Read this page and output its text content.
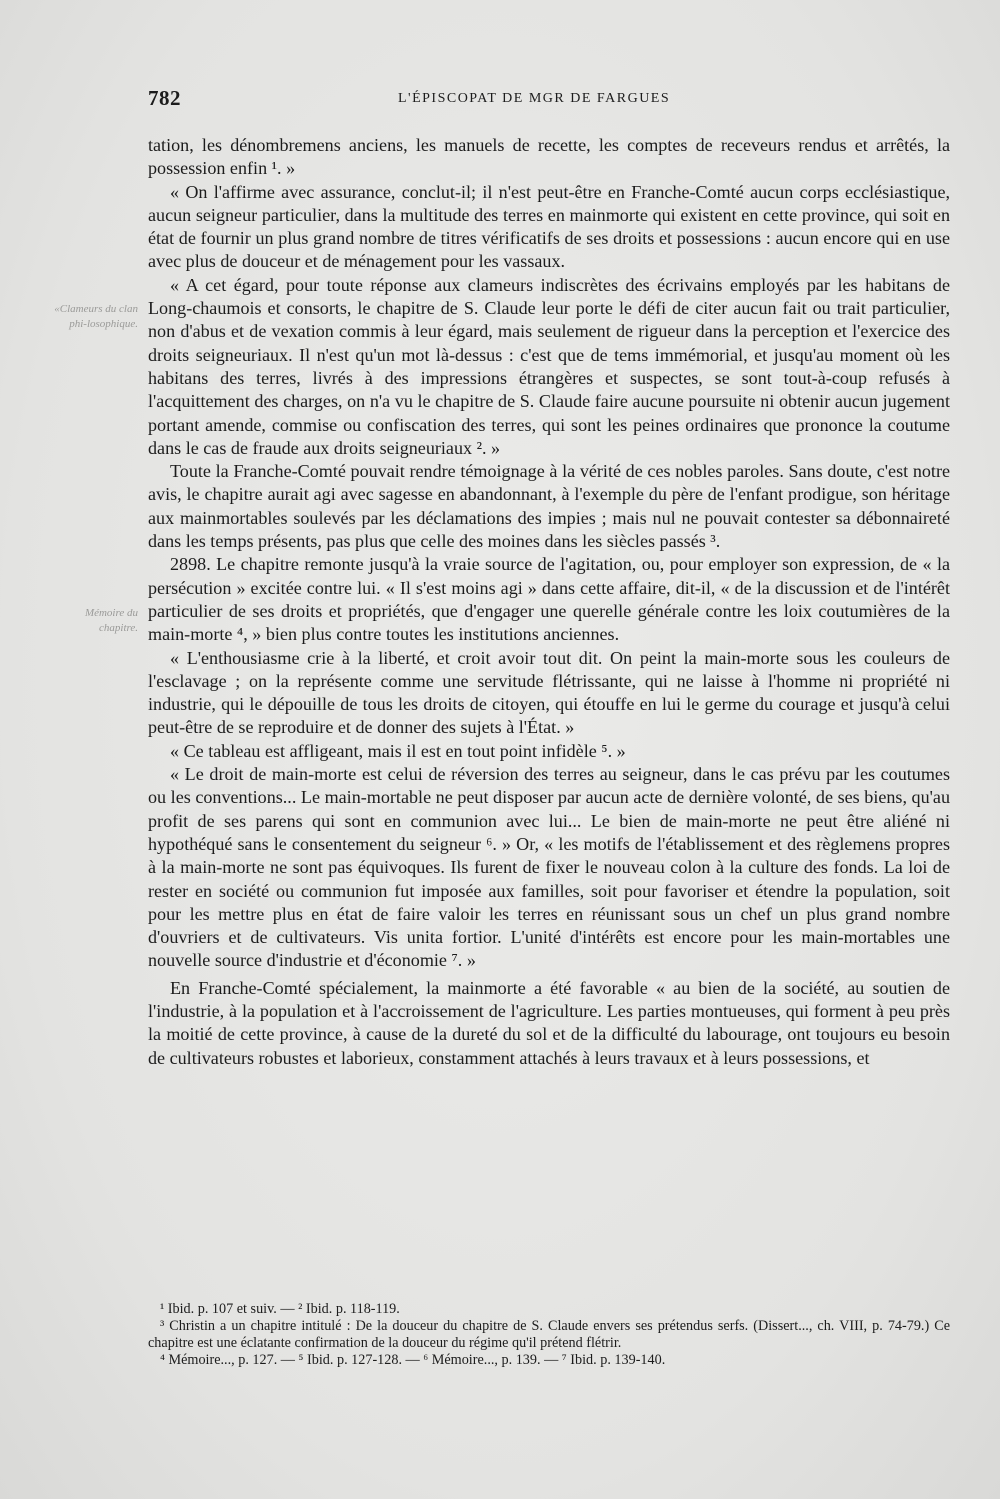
782	L'ÉPISCOPAT DE MGR DE FARGUES
«Clameurs du clan phi-losophique.
Mémoire du chapitre.

tation, les dénombremens anciens, les manuels de recette, les comptes de receveurs rendus et arrêtés, la possession enfin ¹. »

« On l'affirme avec assurance, conclut-il; il n'est peut-être en Franche-Comté aucun corps ecclésiastique, aucun seigneur particulier, dans la multitude des terres en mainmorte qui existent en cette province, qui soit en état de fournir un plus grand nombre de titres vérificatifs de ses droits et possessions : aucun encore qui en use avec plus de douceur et de ménagement pour les vassaux.

« A cet égard, pour toute réponse aux clameurs indiscrètes des écrivains employés par les habitans de Long-chaumois et consorts, le chapitre de S. Claude leur porte le défi de citer aucun fait ou trait particulier, non d'abus et de vexation commis à leur égard, mais seulement de rigueur dans la perception et l'exercice des droits seigneuriaux. Il n'est qu'un mot là-dessus : c'est que de tems immémorial, et jusqu'au moment où les habitans des terres, livrés à des impressions étrangères et suspectes, se sont tout-à-coup refusés à l'acquittement des charges, on n'a vu le chapitre de S. Claude faire aucune poursuite ni obtenir aucun jugement portant amende, commise ou confiscation des terres, qui sont les peines ordinaires que prononce la coutume dans le cas de fraude aux droits seigneuriaux ². »

Toute la Franche-Comté pouvait rendre témoignage à la vérité de ces nobles paroles. Sans doute, c'est notre avis, le chapitre aurait agi avec sagesse en abandonnant, à l'exemple du père de l'enfant prodigue, son héritage aux mainmortables soulevés par les déclamations des impies ; mais nul ne pouvait contester sa débonnaireté dans les temps présents, pas plus que celle des moines dans les siècles passés ³.

2898. Le chapitre remonte jusqu'à la vraie source de l'agitation, ou, pour employer son expression, de « la persécution » excitée contre lui. « Il s'est moins agi » dans cette affaire, dit-il, « de la discussion et de l'intérêt particulier de ses droits et propriétés, que d'engager une querelle générale contre les loix coutumières de la main-morte ⁴, » bien plus contre toutes les institutions anciennes.

« L'enthousiasme crie à la liberté, et croit avoir tout dit. On peint la main-morte sous les couleurs de l'esclavage ; on la représente comme une servitude flétrissante, qui ne laisse à l'homme ni propriété ni industrie, qui le dépouille de tous les droits de citoyen, qui étouffe en lui le germe du courage et jusqu'à celui peut-être de se reproduire et de donner des sujets à l'État. »

« Ce tableau est affligeant, mais il est en tout point infidèle ⁵. »

« Le droit de main-morte est celui de réversion des terres au seigneur, dans le cas prévu par les coutumes ou les conventions... Le main-mortable ne peut disposer par aucun acte de dernière volonté, de ses biens, qu'au profit de ses parens qui sont en communion avec lui... Le bien de main-morte ne peut être aliéné ni hypothéqué sans le consentement du seigneur ⁶. » Or, « les motifs de l'établissement et des règlemens propres à la main-morte ne sont pas équivoques. Ils furent de fixer le nouveau colon à la culture des fonds. La loi de rester en société ou communion fut imposée aux familles, soit pour favoriser et étendre la population, soit pour les mettre plus en état de faire valoir les terres en réunissant sous un chef un plus grand nombre d'ouvriers et de cultivateurs. Vis unita fortior. L'unité d'intérêts est encore pour les main-mortables une nouvelle source d'industrie et d'économie ⁷. »

En Franche-Comté spécialement, la mainmorte a été favorable « au bien de la société, au soutien de l'industrie, à la population et à l'accroissement de l'agriculture. Les parties montueuses, qui forment à peu près la moitié de cette province, à cause de la dureté du sol et de la difficulté du labourage, ont toujours eu besoin de cultivateurs robustes et laborieux, constamment attachés à leurs travaux et à leurs possessions, et

¹ Ibid. p. 107 et suiv. — ² Ibid. p. 118-119.

³ Christin a un chapitre intitulé : De la douceur du chapitre de S. Claude envers ses prétendus serfs. (Dissert..., ch. VIII, p. 74-79.) Ce chapitre est une éclatante confirmation de la douceur du régime qu'il prétend flétrir.

⁴ Mémoire..., p. 127. — ⁵ Ibid. p. 127-128. — ⁶ Mémoire..., p. 139. — ⁷ Ibid. p. 139-140.
